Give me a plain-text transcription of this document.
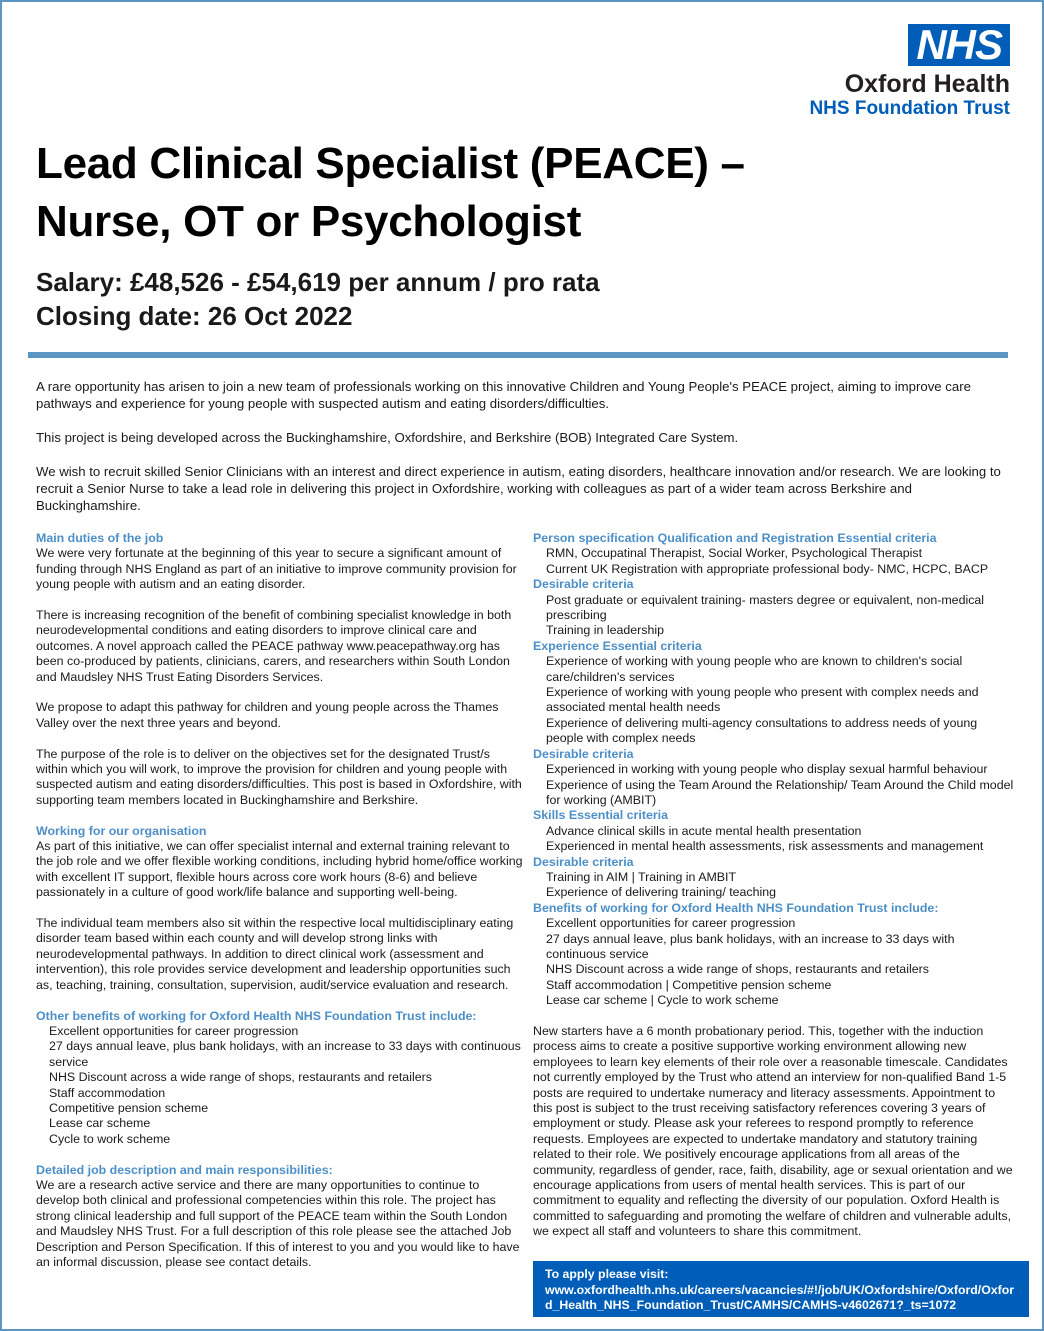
NHS
Oxford Health
NHS Foundation Trust
Lead Clinical Specialist (PEACE) –
Nurse, OT or Psychologist
Salary: £48,526 - £54,619 per annum / pro rata
Closing date: 26 Oct 2022

A rare opportunity has arisen to join a new team of professionals working on this innovative Children and Young People's PEACE project, aiming to improve care pathways and experience for young people with suspected autism and eating disorders/difficulties.

This project is being developed across the Buckinghamshire, Oxfordshire, and Berkshire (BOB) Integrated Care System.

We wish to recruit skilled Senior Clinicians with an interest and direct experience in autism, eating disorders, healthcare innovation and/or research. We are looking to recruit a Senior Nurse to take a lead role in delivering this project in Oxfordshire, working with colleagues as part of a wider team across Berkshire and Buckinghamshire.

Main duties of the job

We were very fortunate at the beginning of this year to secure a significant amount of funding through NHS England as part of an initiative to improve community provision for young people with autism and an eating disorder.

There is increasing recognition of the benefit of combining specialist knowledge in both neurodevelopmental conditions and eating disorders to improve clinical care and outcomes. A novel approach called the PEACE pathway www.peacepathway.org has been co-produced by patients, clinicians, carers, and researchers within South London and Maudsley NHS Trust Eating Disorders Services.

We propose to adapt this pathway for children and young people across the Thames Valley over the next three years and beyond.

The purpose of the role is to deliver on the objectives set for the designated Trust/s within which you will work, to improve the provision for children and young people with suspected autism and eating disorders/difficulties. This post is based in Oxfordshire, with supporting team members located in Buckinghamshire and Berkshire.

Working for our organisation

As part of this initiative, we can offer specialist internal and external training relevant to the job role and we offer flexible working conditions, including hybrid home/office working with excellent IT support, flexible hours across core work hours (8-6) and believe passionately in a culture of good work/life balance and supporting well-being.

The individual team members also sit within the respective local multidisciplinary eating disorder team based within each county and will develop strong links with neurodevelopmental pathways. In addition to direct clinical work (assessment and intervention), this role provides service development and leadership opportunities such as, teaching, training, consultation, supervision, audit/service evaluation and research.

Other benefits of working for Oxford Health NHS Foundation Trust include:
Excellent opportunities for career progression
27 days annual leave, plus bank holidays, with an increase to 33 days with continuous service
NHS Discount across a wide range of shops, restaurants and retailers
Staff accommodation
Competitive pension scheme
Lease car scheme
Cycle to work scheme
Detailed job description and main responsibilities:

We are a research active service and there are many opportunities to continue to develop both clinical and professional competencies within this role. The project has strong clinical leadership and full support of the PEACE team within the South London and Maudsley NHS Trust. For a full description of this role please see the attached Job Description and Person Specification. If this of interest to you and you would like to have an informal discussion, please see contact details.

Person specification Qualification and Registration Essential criteria
RMN, Occupatinal Therapist, Social Worker, Psychological Therapist
Current UK Registration with appropriate professional body- NMC, HCPC, BACP
Desirable criteria
Post graduate or equivalent training- masters degree or equivalent, non-medical prescribing
Training in leadership
Experience Essential criteria
Experience of working with young people who are known to children's social care/children's services
Experience of working with young people who present with complex needs and associated mental health needs
Experience of delivering multi-agency consultations to address needs of young people with complex needs
Desirable criteria
Experienced in working with young people who display sexual harmful behaviour
Experience of using the Team Around the Relationship/ Team Around the Child model for working (AMBIT)
Skills Essential criteria
Advance clinical skills in acute mental health presentation
Experienced in mental health assessments, risk assessments and management
Desirable criteria
Training in AIM | Training in AMBIT
Experience of delivering training/ teaching
Benefits of working for Oxford Health NHS Foundation Trust include:
Excellent opportunities for career progression
27 days annual leave, plus bank holidays, with an increase to 33 days with continuous service
NHS Discount across a wide range of shops, restaurants and retailers
Staff accommodation | Competitive pension scheme
Lease car scheme | Cycle to work scheme

New starters have a 6 month probationary period. This, together with the induction process aims to create a positive supportive working environment allowing new employees to learn key elements of their role over a reasonable timescale. Candidates not currently employed by the Trust who attend an interview for non-qualified Band 1-5 posts are required to undertake numeracy and literacy assessments. Appointment to this post is subject to the trust receiving satisfactory references covering 3 years of employment or study. Please ask your referees to respond promptly to reference requests. Employees are expected to undertake mandatory and statutory training related to their role. We positively encourage applications from all areas of the community, regardless of gender, race, faith, disability, age or sexual orientation and we encourage applications from users of mental health services. This is part of our commitment to equality and reflecting the diversity of our population. Oxford Health is committed to safeguarding and promoting the welfare of children and vulnerable adults, we expect all staff and volunteers to share this commitment.

To apply please visit:
www.oxfordhealth.nhs.uk/careers/vacancies/#!/job/UK/Oxfordshire/Oxford/Oxford_Health_NHS_Foundation_Trust/CAMHS/CAMHS-v4602671?_ts=1072
